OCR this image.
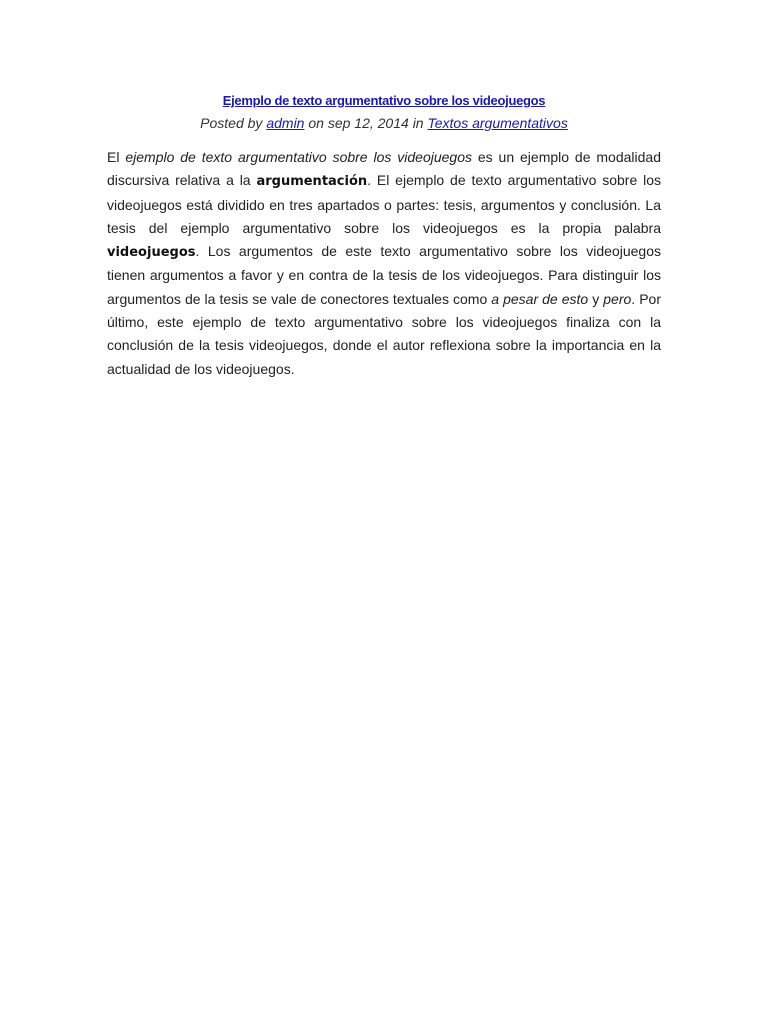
Ejemplo de texto argumentativo sobre los videojuegos

Posted by admin on sep 12, 2014 in Textos argumentativos

El ejemplo de texto argumentativo sobre los videojuegos es un ejemplo de modalidad discursiva relativa a la argumentación. El ejemplo de texto argumentativo sobre los videojuegos está dividido en tres apartados o partes: tesis, argumentos y conclusión. La tesis del ejemplo argumentativo sobre los videojuegos es la propia palabra videojuegos. Los argumentos de este texto argumentativo sobre los videojuegos tienen argumentos a favor y en contra de la tesis de los videojuegos. Para distinguir los argumentos de la tesis se vale de conectores textuales como a pesar de esto y pero. Por último, este ejemplo de texto argumentativo sobre los videojuegos finaliza con la conclusión de la tesis videojuegos, donde el autor reflexiona sobre la importancia en la actualidad de los videojuegos.
